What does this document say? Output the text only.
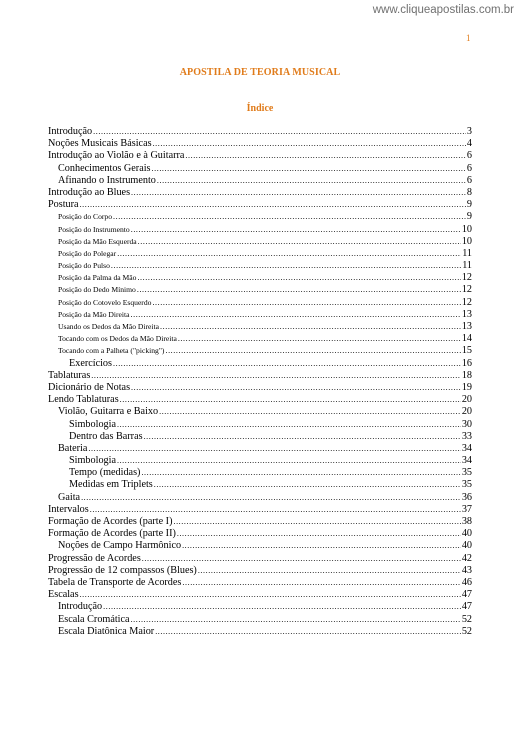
www.cliqueapostilas.com.br
1
APOSTILA DE TEORIA MUSICAL
Índice
Introdução .....	3
Noções Musicais Básicas .....	4
Introdução ao Violão e à Guitarra .....	6
Conhecimentos Gerais .....	6
Afinando o Instrumento .....	6
Introdução ao Blues .....	8
Postura .....	9
Posição do Corpo .....	9
Posição do Instrumento .....	10
Posição da Mão Esquerda .....	10
Posição do Polegar .....	11
Posição do Pulso .....	11
Posição da Palma da Mão .....	12
Posição do Dedo Mínimo .....	12
Posição do Cotovelo Esquerdo .....	12
Posição da Mão Direita .....	13
Usando os Dedos da Mão Direita .....	13
Tocando com os Dedos da Mão Direita .....	14
Tocando com a Palheta ("picking") .....	15
Exercícios .....	16
Tablaturas .....	18
Dicionário de Notas .....	19
Lendo Tablaturas .....	20
Violão, Guitarra e Baixo .....	20
Simbologia .....	30
Dentro das Barras .....	33
Bateria .....	34
Simbologia .....	34
Tempo (medidas) .....	35
Medidas em Triplets .....	35
Gaita .....	36
Intervalos .....	37
Formação de Acordes (parte I) .....	38
Formação de Acordes (parte II) .....	40
Noções de Campo Harmônico .....	40
Progressão de Acordes .....	42
Progressão de 12 compassos (Blues) .....	43
Tabela de Transporte de Acordes .....	46
Escalas .....	47
Introdução .....	47
Escala Cromática .....	52
Escala Diatônica Maior .....	52
